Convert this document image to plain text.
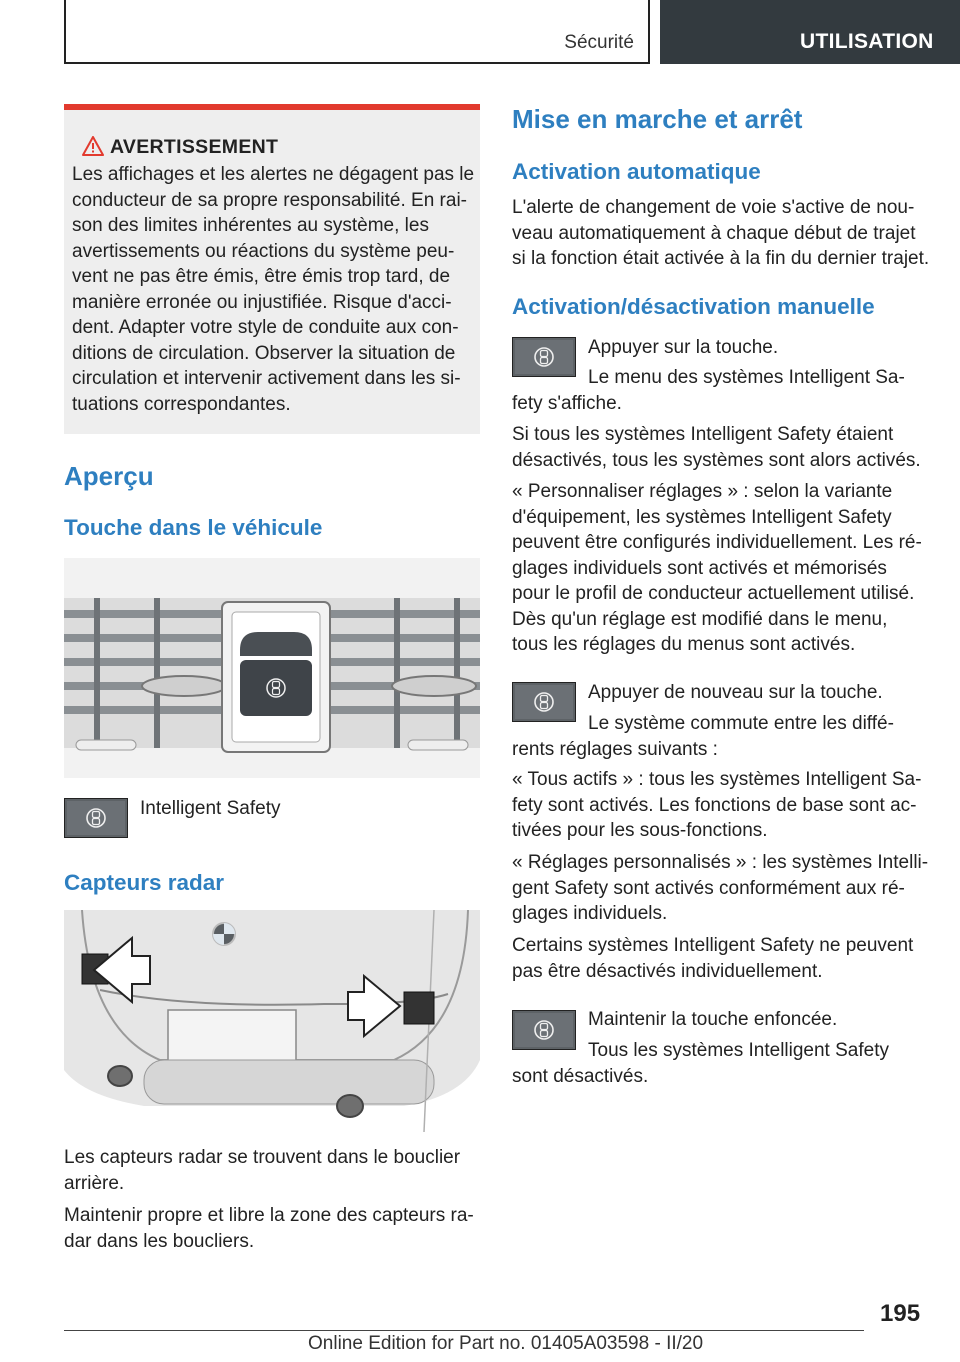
Sécurité	UTILISATION
AVERTISSEMENT
Les affichages et les alertes ne dégagent pas le
conducteur de sa propre responsabilité. En rai-
son des limites inhérentes au système, les
avertissements ou réactions du système peu-
vent ne pas être émis, être émis trop tard, de
manière erronée ou injustifiée. Risque d'acci-
dent. Adapter votre style de conduite aux con-
ditions de circulation. Observer la situation de
circulation et intervenir activement dans les si-
tuations correspondantes.
Aperçu
Touche dans le véhicule
Intelligent Safety
Capteurs radar
Les capteurs radar se trouvent dans le bouclier
arrière.
Maintenir propre et libre la zone des capteurs ra-
dar dans les boucliers.
Mise en marche et arrêt
Activation automatique
L'alerte de changement de voie s'active de nou-
veau automatiquement à chaque début de trajet
si la fonction était activée à la fin du dernier trajet.
Activation/désactivation manuelle
Appuyer sur la touche.
Le menu des systèmes Intelligent Sa-
fety s'affiche.
Si tous les systèmes Intelligent Safety étaient
désactivés, tous les systèmes sont alors activés.
« Personnaliser réglages » : selon la variante
d'équipement, les systèmes Intelligent Safety
peuvent être configurés individuellement. Les ré-
glages individuels sont activés et mémorisés
pour le profil de conducteur actuellement utilisé.
Dès qu'un réglage est modifié dans le menu,
tous les réglages du menus sont activés.
Appuyer de nouveau sur la touche.
Le système commute entre les diffé-
rents réglages suivants :
« Tous actifs » : tous les systèmes Intelligent Sa-
fety sont activés. Les fonctions de base sont ac-
tivées pour les sous-fonctions.
« Réglages personnalisés » : les systèmes Intelli-
gent Safety sont activés conformément aux ré-
glages individuels.
Certains systèmes Intelligent Safety ne peuvent
pas être désactivés individuellement.
Maintenir la touche enfoncée.
Tous les systèmes Intelligent Safety
sont désactivés.
195
Online Edition for Part no. 01405A03598 - II/20
